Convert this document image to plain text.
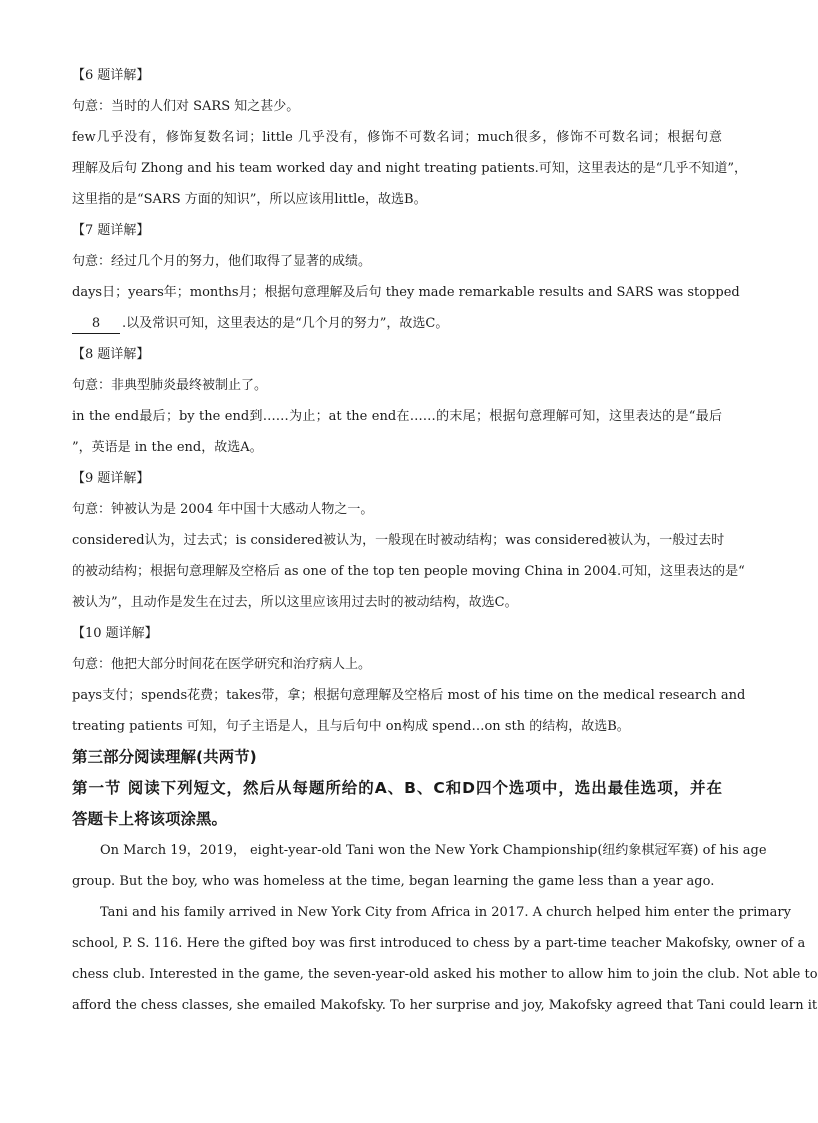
【6 题详解】
句意：当时的人们对 SARS 知之甚少。
few几乎没有，修饰复数名词；little 几乎没有，修饰不可数名词；much很多，修饰不可数名词；根据句意
理解及后句 Zhong and his team worked day and night treating patients.可知，这里表达的是“几乎不知道”，
这里指的是“SARS 方面的知识”，所以应该用little，故选B。
【7 题详解】
句意：经过几个月的努力，他们取得了显著的成绩。
days日；years年；months月；根据句意理解及后句 they made remarkable results and SARS was stopped
8 .以及常识可知，这里表达的是“几个月的努力”，故选C。
【8 题详解】
句意：非典型肺炎最终被制止了。
in the end最后；by the end到……为止；at the end在……的末尾；根据句意理解可知，这里表达的是“最后
”，英语是 in the end，故选A。
【9 题详解】
句意：钟被认为是 2004 年中国十大感动人物之一。
considered认为，过去式；is considered被认为，一般现在时被动结构；was considered被认为，一般过去时
的被动结构；根据句意理解及空格后 as one of the top ten people moving China in 2004.可知，这里表达的是“
被认为”，且动作是发生在过去，所以这里应该用过去时的被动结构，故选C。
【10 题详解】
句意：他把大部分时间花在医学研究和治疗病人上。
pays支付；spends花费；takes带，拿；根据句意理解及空格后 most of his time on the medical research and
treating patients 可知，句子主语是人，且与后句中 on构成 spend…on sth 的结构，故选B。
第三部分阅读理解(共两节)
第一节 阅读下列短文，然后从每题所给的A、B、C和D四个选项中，选出最佳选项，并在
答题卡上将该项涂黑。
On March 19，2019， eight-year-old Tani won the New York Championship(纽约象棋冠军赛) of his age
group. But the boy, who was homeless at the time, began learning the game less than a year ago.
Tani and his family arrived in New York City from Africa in 2017. A church helped him enter the primary
school, P. S. 116. Here the gifted boy was first introduced to chess by a part-time teacher Makofsky, owner of a
chess club. Interested in the game, the seven-year-old asked his mother to allow him to join the club. Not able to
afford the chess classes, she emailed Makofsky. To her surprise and joy, Makofsky agreed that Tani could learn it
